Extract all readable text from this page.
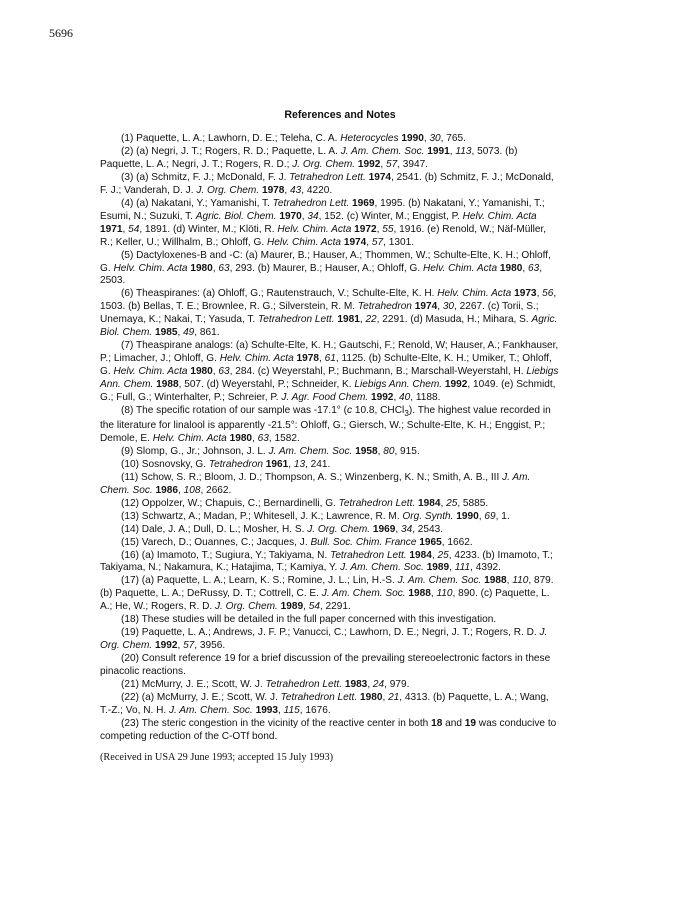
5696
References and Notes

(1) Paquette, L. A.; Lawhorn, D. E.; Teleha, C. A. Heterocycles 1990, 30, 765.

(2) (a) Negri, J. T.; Rogers, R. D.; Paquette, L. A. J. Am. Chem. Soc. 1991, 113, 5073. (b) Paquette, L. A.; Negri, J. T.; Rogers, R. D.; J. Org. Chem. 1992, 57, 3947.

(3) (a) Schmitz, F. J.; McDonald, F. J. Tetrahedron Lett. 1974, 2541. (b) Schmitz, F. J.; McDonald, F. J.; Vanderah, D. J. J. Org. Chem. 1978, 43, 4220.

(4) (a) Nakatani, Y.; Yamanishi, T. Tetrahedron Lett. 1969, 1995. (b) Nakatani, Y.; Yamanishi, T.; Esumi, N.; Suzuki, T. Agric. Biol. Chem. 1970, 34, 152. (c) Winter, M.; Enggist, P. Helv. Chim. Acta 1971, 54, 1891. (d) Winter, M.; Klöti, R. Helv. Chim. Acta 1972, 55, 1916. (e) Renold, W.; Näf-Müller, R.; Keller, U.; Willhalm, B.; Ohloff, G. Helv. Chim. Acta 1974, 57, 1301.

(5) Dactyloxenes-B and -C: (a) Maurer, B.; Hauser, A.; Thommen, W.; Schulte-Elte, K. H.; Ohloff, G. Helv. Chim. Acta 1980, 63, 293. (b) Maurer, B.; Hauser, A.; Ohloff, G. Helv. Chim. Acta 1980, 63, 2503.

(6) Theaspiranes: (a) Ohloff, G.; Rautenstrauch, V.; Schulte-Elte, K. H. Helv. Chim. Acta 1973, 56, 1503. (b) Bellas, T. E.; Brownlee, R. G.; Silverstein, R. M. Tetrahedron 1974, 30, 2267. (c) Torii, S.; Unemaya, K.; Nakai, T.; Yasuda, T. Tetrahedron Lett. 1981, 22, 2291. (d) Masuda, H.; Mihara, S. Agric. Biol. Chem. 1985, 49, 861.

(7) Theaspirane analogs: (a) Schulte-Elte, K. H.; Gautschi, F.; Renold, W; Hauser, A.; Fankhauser, P.; Limacher, J.; Ohloff, G. Helv. Chim. Acta 1978, 61, 1125. (b) Schulte-Elte, K. H.; Umiker, T.; Ohloff, G. Helv. Chim. Acta 1980, 63, 284. (c) Weyerstahl, P.; Buchmann, B.; Marschall-Weyerstahl, H. Liebigs Ann. Chem. 1988, 507. (d) Weyerstahl, P.; Schneider, K. Liebigs Ann. Chem. 1992, 1049. (e) Schmidt, G.; Full, G.; Winterhalter, P.; Schreier, P. J. Agr. Food Chem. 1992, 40, 1188.

(8) The specific rotation of our sample was -17.1° (c 10.8, CHCl$_3$). The highest value recorded in the literature for linalool is apparently -21.5°: Ohloff, G.; Giersch, W.; Schulte-Elte, K. H.; Enggist, P.; Demole, E. Helv. Chim. Acta 1980, 63, 1582.

(9) Slomp, G., Jr.; Johnson, J. L. J. Am. Chem. Soc. 1958, 80, 915.

(10) Sosnovsky, G. Tetrahedron 1961, 13, 241.

(11) Schow, S. R.; Bloom, J. D.; Thompson, A. S.; Winzenberg, K. N.; Smith, A. B., III J. Am. Chem. Soc. 1986, 108, 2662.

(12) Oppolzer, W.; Chapuis, C.; Bernardinelli, G. Tetrahedron Lett. 1984, 25, 5885.

(13) Schwartz, A.; Madan, P.; Whitesell, J. K.; Lawrence, R. M. Org. Synth. 1990, 69, 1.

(14) Dale, J. A.; Dull, D. L.; Mosher, H. S. J. Org. Chem. 1969, 34, 2543.

(15) Varech, D.; Ouannes, C.; Jacques, J. Bull. Soc. Chim. France 1965, 1662.

(16) (a) Imamoto, T.; Sugiura, Y.; Takiyama, N. Tetrahedron Lett. 1984, 25, 4233. (b) Imamoto, T.; Takiyama, N.; Nakamura, K.; Hatajima, T.; Kamiya, Y. J. Am. Chem. Soc. 1989, 111, 4392.

(17) (a) Paquette, L. A.; Learn, K. S.; Romine, J. L.; Lin, H.-S. J. Am. Chem. Soc. 1988, 110, 879. (b) Paquette, L. A.; DeRussy, D. T.; Cottrell, C. E. J. Am. Chem. Soc. 1988, 110, 890. (c) Paquette, L. A.; He, W.; Rogers, R. D. J. Org. Chem. 1989, 54, 2291.

(18) These studies will be detailed in the full paper concerned with this investigation.

(19) Paquette, L. A.; Andrews, J. F. P.; Vanucci, C.; Lawhorn, D. E.; Negri, J. T.; Rogers, R. D. J. Org. Chem. 1992, 57, 3956.

(20) Consult reference 19 for a brief discussion of the prevailing stereoelectronic factors in these pinacolic reactions.

(21) McMurry, J. E.; Scott, W. J. Tetrahedron Lett. 1983, 24, 979.

(22) (a) McMurry, J. E.; Scott, W. J. Tetrahedron Lett. 1980, 21, 4313. (b) Paquette, L. A.; Wang, T.-Z.; Vo, N. H. J. Am. Chem. Soc. 1993, 115, 1676.

(23) The steric congestion in the vicinity of the reactive center in both 18 and 19 was conducive to competing reduction of the C-OTf bond.

(Received in USA 29 June 1993; accepted 15 July 1993)
